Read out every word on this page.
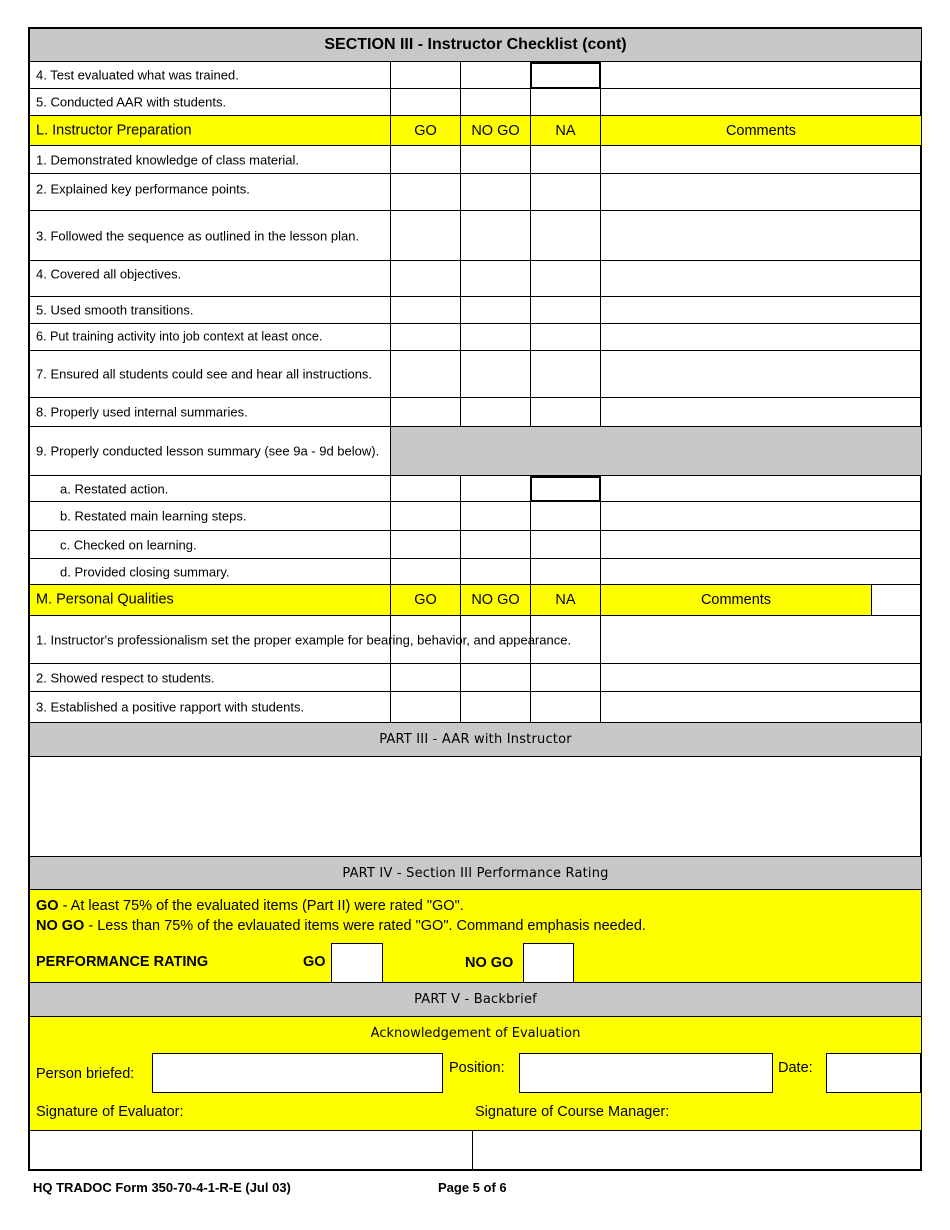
SECTION III - Instructor Checklist (cont)
4. Test evaluated what was trained.
5. Conducted AAR with students.
L. Instructor Preparation	GO	NO GO	NA	Comments
1. Demonstrated knowledge of class material.
2. Explained key performance points.
3. Followed the sequence as outlined in the lesson plan.
4. Covered all objectives.
5. Used smooth transitions.
6. Put training activity into job context at least once.
7. Ensured all students could see and hear all instructions.
8. Properly used internal summaries.
9. Properly conducted lesson summary (see 9a - 9d below).
a. Restated action.
b. Restated main learning steps.
c. Checked on learning.
d. Provided closing summary.
M. Personal Qualities	GO	NO GO	NA	Comments
1. Instructor's professionalism set the proper example for bearing, behavior, and appearance.
2. Showed respect to students.
3. Established a positive rapport with students.
PART III - AAR with Instructor
PART IV - Section III Performance Rating
GO - At least 75% of the evaluated items (Part II) were rated "GO".
NO GO - Less than 75% of the evlauated items were rated "GO". Command emphasis needed.
PERFORMANCE RATING	GO	NO GO
PART V - Backbrief
Acknowledgement of Evaluation
Person briefed:	Position:	Date:
Signature of Evaluator:	Signature of Course Manager:
HQ TRADOC Form 350-70-4-1-R-E (Jul 03)	Page 5 of 6
